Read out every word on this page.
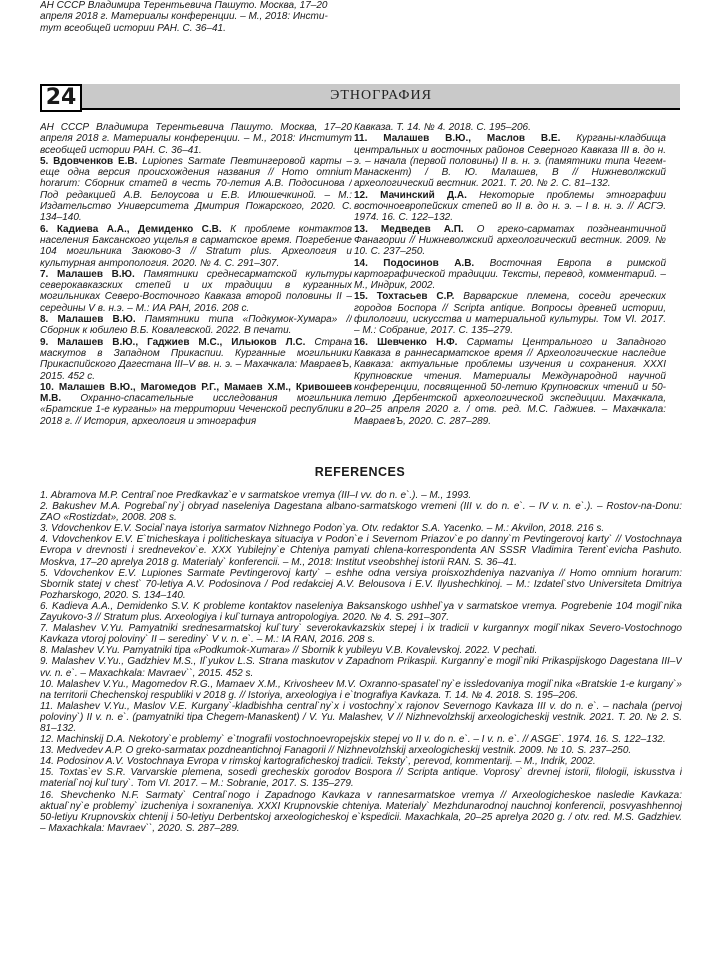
АН СССР Владимира Терентьевича Пашуто. Москва, 17–20
апреля 2018 г. Материалы конференции. – М., 2018: Инсти-
тут всеобщей истории РАН. С. 36–41.
24	ЭТНОГРАФИЯ
АН СССР Владимира Терентьевича Пашуто. Москва, 17–20 апреля 2018 г. Материалы конференции. – М., 2018: Институт всеобщей истории РАН. С. 36–41.
5. Вдовченков Е.В. Lupiones Sarmate Певтингеровой карты – еще одна версия происхождения названия // Homo omnium horarum: Сборник статей в честь 70-летия А.В. Подосинова / Под редакцией А.В. Белоусова и Е.В. Илюшечкиной. – М.: Издательство Университета Дмитрия Пожарского, 2020. С. 134–140.
6. Кадиева А.А., Демиденко С.В. К проблеме контактов населения Баксанского ущелья в сарматское время. Погребение 104 могильника Заюково-3 // Stratum plus. Археология и культурная антропология. 2020. № 4. С. 291–307.
7. Малашев В.Ю. Памятники среднесарматской культуры северокавказских степей и их традиции в курганных могильниках Северо-Восточного Кавказа второй половины II – середины V в. н.э. – М.: ИА РАН, 2016. 208 с.
8. Малашев В.Ю. Памятники типа «Подкумок-Хумара» // Сборник к юбилею В.Б. Ковалевской. 2022. В печати.
9. Малашев В.Ю., Гаджиев М.С., Ильюков Л.С. Страна маскутов в Западном Прикаспии. Курганные могильники Прикаспийского Дагестана III–V вв. н. э. – Махачкала: МавраевЪ, 2015. 452 с.
10. Малашев В.Ю., Магомедов Р.Г., Мамаев Х.М., Кривошеев М.В. Охранно-спасательные исследования могильника «Братские 1-е курганы» на территории Чеченской республики в 2018 г. // История, археология и этнография
Кавказа. Т. 14. № 4. 2018. С. 195–206.
11. Малашев В.Ю., Маслов В.Е. Курганы-кладбища центральных и восточных районов Северного Кавказа III в. до н. э. – начала (первой половины) II в. н. э. (памятники типа Чегем-Манаскент) / В. Ю. Малашев, В // Нижневолжский археологический вестник. 2021. Т. 20. № 2. С. 81–132.
12. Мачинский Д.А. Некоторые проблемы этнографии восточноевропейских степей во II в. до н. э. – I в. н. э. // АСГЭ. 1974. 16. С. 122–132.
13. Медведев А.П. О греко-сарматах позднеантичной Фанагории // Нижневолжский археологический вестник. 2009. № 10. С. 237–250.
14. Подосинов А.В. Восточная Европа в римской картографической традиции. Тексты, перевод, комментарий. – М., Индрик, 2002.
15. Тохтасьев С.Р. Варварские племена, соседи греческих городов Боспора // Scripta antique. Вопросы древней истории, филологии, искусства и материальной культуры. Том VI. 2017. – М.: Собрание, 2017. С. 135–279.
16. Шевченко Н.Ф. Сарматы Центрального и Западного Кавказа в раннесарматское время // Археологические наследие Кавказа: актуальные проблемы изучения и сохранения. XXXI Крупновские чтения. Материалы Международной научной конференции, посвященной 50-летию Крупновских чтений и 50-летию Дербентской археологической экспедиции. Махачкала, 20–25 апреля 2020 г. / отв. ред. М.С. Гаджиев. – Махачкала: МавраевЪ, 2020. С. 287–289.
REFERENCES
1. Abramova M.P. Central`noe Predkavkaz`e v sarmatskoe vremya (III–I vv. do n. e`.). – M., 1993.
2. Bakushev M.A. Pogrebal`ny`j obryad naseleniya Dagestana albano-sarmatskogo vremeni (III v. do n. e`. – IV v. n. e`.). – Rostov-na-Donu: ZAO «Rostizdat», 2008. 208 s.
3. Vdovchenkov E.V. Social`naya istoriya sarmatov Nizhnego Podon`ya. Otv. redaktor S.A. Yacenko. – M.: Akvilon, 2018. 216 s.
4. Vdovchenkov E.V. E`tnicheskaya i politicheskaya situaciya v Podon`e i Severnom Priazov`e po danny`m Pevtingerovoj karty` // Vostochnaya Evropa v drevnosti i srednevekov`e. XXX Yubilejny`e Chteniya pamyati chlena-korrespondenta AN SSSR Vladimira Terent`evicha Pashuto. Moskva, 17–20 aprelya 2018 g. Materialy` konferencii. – M., 2018: Institut vseobshhej istorii RAN. S. 36–41.
5. Vdovchenkov E.V. Lupiones Sarmate Pevtingerovoj karty` – eshhe odna versiya proisxozhdeniya nazvaniya // Homo omnium horarum: Sbornik statej v chest` 70-letiya A.V. Podosinova / Pod redakciej A.V. Belousova i E.V. Ilyushechkinoj. – M.: Izdatel`stvo Universiteta Dmitriya Pozharskogo, 2020. S. 134–140.
6. Kadieva A.A., Demidenko S.V. K probleme kontaktov naseleniya Baksanskogo ushhel`ya v sarmatskoe vremya. Pogrebenie 104 mogil`nika Zayukovo-3 // Stratum plus. Arxeologiya i kul`turnaya antropologiya. 2020. № 4. S. 291–307.
7. Malashev V.Yu. Pamyatniki srednesarmatskoj kul`tury` severokavkazskix stepej i ix tradicii v kurgannyx mogil`nikax Severo-Vostochnogo Kavkaza vtoroj poloviny` II – seredinу` V v. n. e`. – M.: IA RAN, 2016. 208 s.
8. Malashev V.Yu. Pamyatniki tipa «Podkumok-Xumara» // Sbornik k yubileyu V.B. Kovalevskoj. 2022. V pechati.
9. Malashev V.Yu., Gadzhiev M.S., Il`yukov L.S. Strana maskutov v Zapadnom Prikaspii. Kurganny`e mogil`niki Prikaspijskogo Dagestana III–V vv. n. e`. – Maxachkala: Mavraev``, 2015. 452 s.
10. Malashev V.Yu., Magomedov R.G., Mamaev X.M., Krivosheev M.V. Oxranno-spasatel`ny`e issledovaniya mogil`nika «Bratskie 1-e kurgany`» na territorii Chechenskoj respubliki v 2018 g. // Istoriya, arxeologiya i e`tnografiya Kavkaza. T. 14. № 4. 2018. S. 195–206.
11. Malashev V.Yu., Maslov V.E. Kurgany`-kladbishha central`ny`x i vostochny`x rajonov Severnogo Kavkaza III v. do n. e`. – nachala (pervoj poloviny`) II v. n. e`. (pamyatniki tipa Chegem-Manaskent) / V. Yu. Malashev, V // Nizhnevolzhskij arxeologicheskij vestnik. 2021. T. 20. № 2. S. 81–132.
12. Machinskij D.A. Nekotory`e problemy` e`tnografii vostochnoevropejskix stepej vo II v. do n. e`. – I v. n. e`. // ASGE`. 1974. 16. S. 122–132.
13. Medvedev A.P. O greko-sarmatax pozdneantichnoj Fanagorii // Nizhnevolzhskij arxeologicheskij vestnik. 2009. № 10. S. 237–250.
14. Podosinov A.V. Vostochnaya Evropa v rimskoj kartograficheskoj tradicii. Teksty`, perevod, kommentarij. – M., Indrik, 2002.
15. Toxtas`ev S.R. Varvarskie plemena, sosedi grecheskix gorodov Bospora // Scripta antique. Voprosy` drevnej istorii, filologii, iskusstva i material`noj kul`tury`. Tom VI. 2017. – M.: Sobranie, 2017. S. 135–279.
16. Shevchenko N.F. Sarmaty` Central`nogo i Zapadnogo Kavkaza v rannesarmatskoe vremya // Arxeologicheskoe nasledie Kavkaza: aktual`ny`e problemy` izucheniya i soxraneniya. XXXI Krupnovskie chteniya. Materialy` Mezhdunarodnoj nauchnoj konferencii, posvyashhennoj 50-letiyu Krupnovskix chtenij i 50-letiyu Derbentskoj arxeologicheskoj e`kspedicii. Maxachkala, 20–25 aprelya 2020 g. / otv. red. M.S. Gadzhiev. – Maxachkala: Mavraev``, 2020. S. 287–289.
